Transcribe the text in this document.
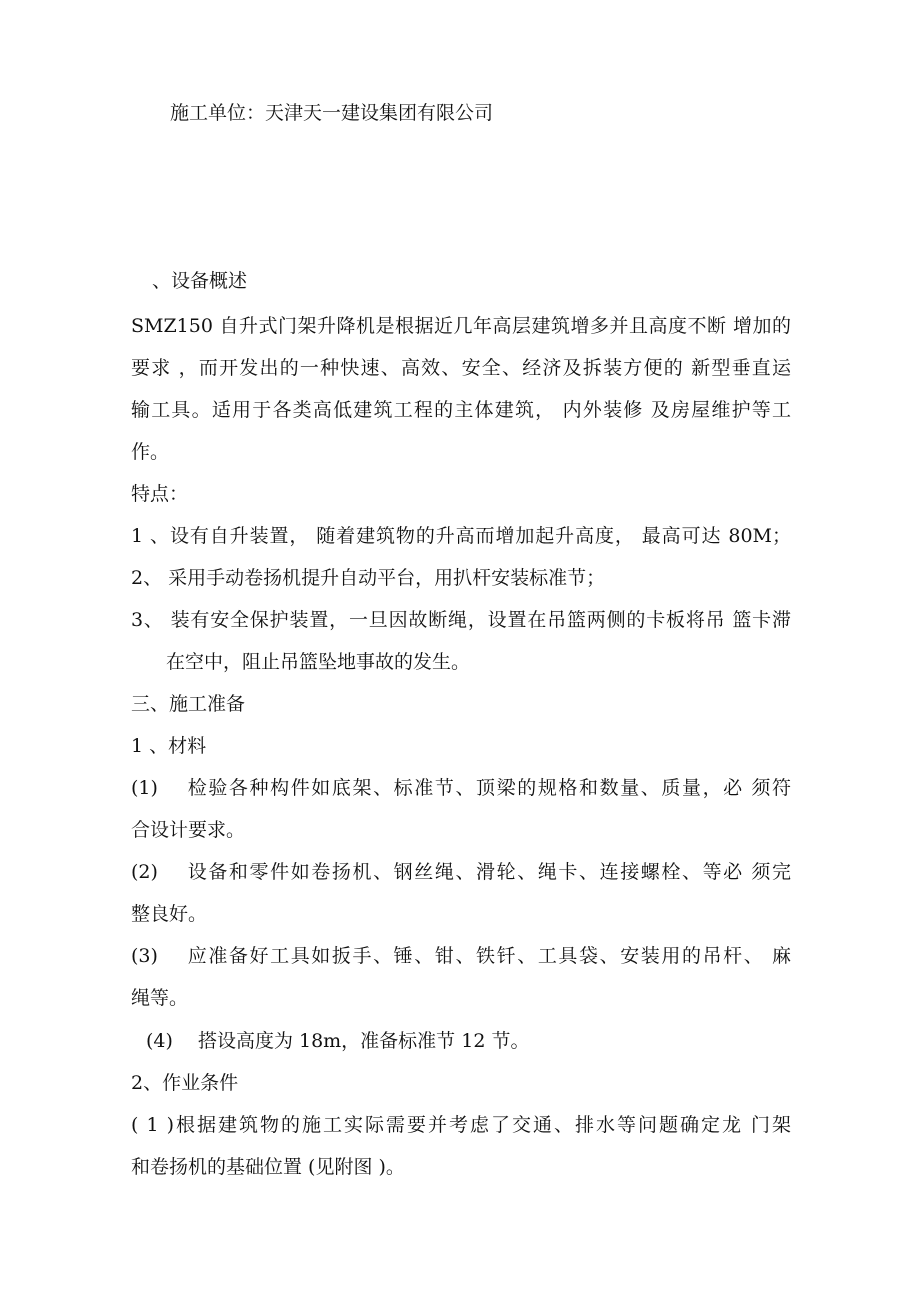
施工单位：天津天一建设集团有限公司

、设备概述

SMZ150 自升式门架升降机是根据近几年高层建筑增多并且高度不断 增加的

要求 ，而开发出的一种快速、高效、安全、经济及拆装方便的 新型垂直运

输工具。适用于各类高低建筑工程的主体建筑， 内外装修 及房屋维护等工

作。

特点：

1 、设有自升装置， 随着建筑物的升高而增加起升高度， 最高可达 80M；

2、 采用手动卷扬机提升自动平台，用扒杆安装标准节；

3、 装有安全保护装置，一旦因故断绳，设置在吊篮两侧的卡板将吊 篮卡滞

在空中，阻止吊篮坠地事故的发生。

三、施工准备

1 、材料

(1)　 检验各种构件如底架、标准节、顶梁的规格和数量、质量，必 须符

合设计要求。

(2)　 设备和零件如卷扬机、钢丝绳、滑轮、绳卡、连接螺栓、等必 须完

整良好。

(3)　 应准备好工具如扳手、锤、钳、铁钎、工具袋、安装用的吊杆、 麻

绳等。

(4)　 搭设高度为 18m，准备标准节 12 节。

2、作业条件

( 1 )根据建筑物的施工实际需要并考虑了交通、排水等问题确定龙 门架

和卷扬机的基础位置 (见附图 )。
